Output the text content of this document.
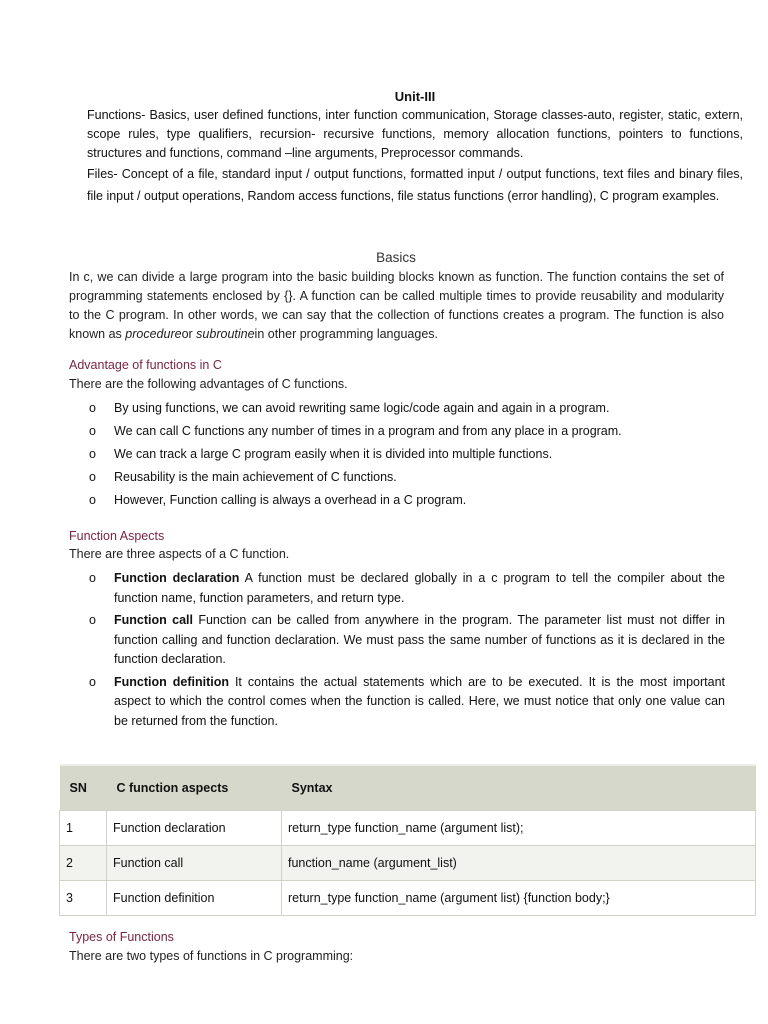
Unit-III

Functions- Basics, user defined functions, inter function communication, Storage classes-auto, register, static, extern, scope rules, type qualifiers, recursion- recursive functions, memory allocation functions, pointers to functions, structures and functions, command –line arguments, Preprocessor commands.

Files- Concept of a file, standard input / output functions, formatted input / output functions, text files and binary files, file input / output operations, Random access functions, file status functions (error handling), C program examples.

Basics

In c, we can divide a large program into the basic building blocks known as function. The function contains the set of programming statements enclosed by {}. A function can be called multiple times to provide reusability and modularity to the C program. In other words, we can say that the collection of functions creates a program. The function is also known as procedureor subroutinein other programming languages.

Advantage of functions in C
There are the following advantages of C functions.
o By using functions, we can avoid rewriting same logic/code again and again in a program.
o We can call C functions any number of times in a program and from any place in a program.
o We can track a large C program easily when it is divided into multiple functions.
o Reusability is the main achievement of C functions.
o However, Function calling is always a overhead in a C program.
Function Aspects
There are three aspects of a C function.
o Function declaration A function must be declared globally in a c program to tell the compiler about the function name, function parameters, and return type.
o Function call Function can be called from anywhere in the program. The parameter list must not differ in function calling and function declaration. We must pass the same number of functions as it is declared in the function declaration.
o Function definition It contains the actual statements which are to be executed. It is the most important aspect to which the control comes when the function is called. Here, we must notice that only one value can be returned from the function.
SN	C function aspects	Syntax
1	Function declaration	return_type function_name (argument list);
2	Function call	function_name (argument_list)
3	Function definition	return_type function_name (argument list) {function body;}
Types of Functions
There are two types of functions in C programming:
